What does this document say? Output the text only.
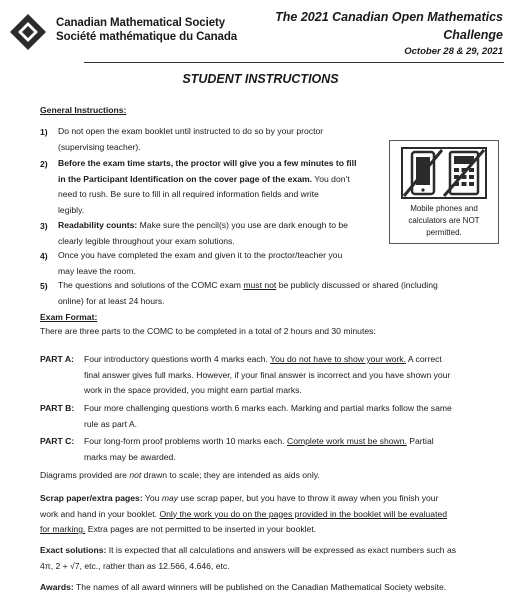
Canadian Mathematical Society
Société mathématique du Canada
The 2021 Canadian Open Mathematics
Challenge
October 28 & 29, 2021
STUDENT INSTRUCTIONS
General Instructions:
1)	Do not open the exam booklet until instructed to do so by your proctor
(supervising teacher).
2)	Before the exam time starts, the proctor will give you a few minutes to fill
in the Participant Identification on the cover page of the exam. You don’t
need to rush. Be sure to fill in all required information fields and write
legibly.
3)	Readability counts: Make sure the pencil(s) you use are dark enough to be
clearly legible throughout your exam solutions.
4)	Once you have completed the exam and given it to the proctor/teacher you
may leave the room.
5)	The questions and solutions of the COMC exam must not be publicly discussed or shared (including
online) for at least 24 hours.
Mobile phones and
calculators are NOT
permitted.
Exam Format:
There are three parts to the COMC to be completed in a total of 2 hours and 30 minutes:
PART A: Four introductory questions worth 4 marks each. You do not have to show your work. A correct
final answer gives full marks. However, if your final answer is incorrect and you have shown your
work in the space provided, you might earn partial marks.
PART B: Four more challenging questions worth 6 marks each. Marking and partial marks follow the same
rule as part A.
PART C: Four long-form proof problems worth 10 marks each. Complete work must be shown. Partial
marks may be awarded.
Diagrams provided are not drawn to scale; they are intended as aids only.
Scrap paper/extra pages: You may use scrap paper, but you have to throw it away when you finish your
work and hand in your booklet. Only the work you do on the pages provided in the booklet will be evaluated
for marking. Extra pages are not permitted to be inserted in your booklet.
Exact solutions: It is expected that all calculations and answers will be expressed as exact numbers such as
4π, 2 + √7, etc., rather than as 12.566, 4.646, etc.
Awards: The names of all award winners will be published on the Canadian Mathematical Society website.
